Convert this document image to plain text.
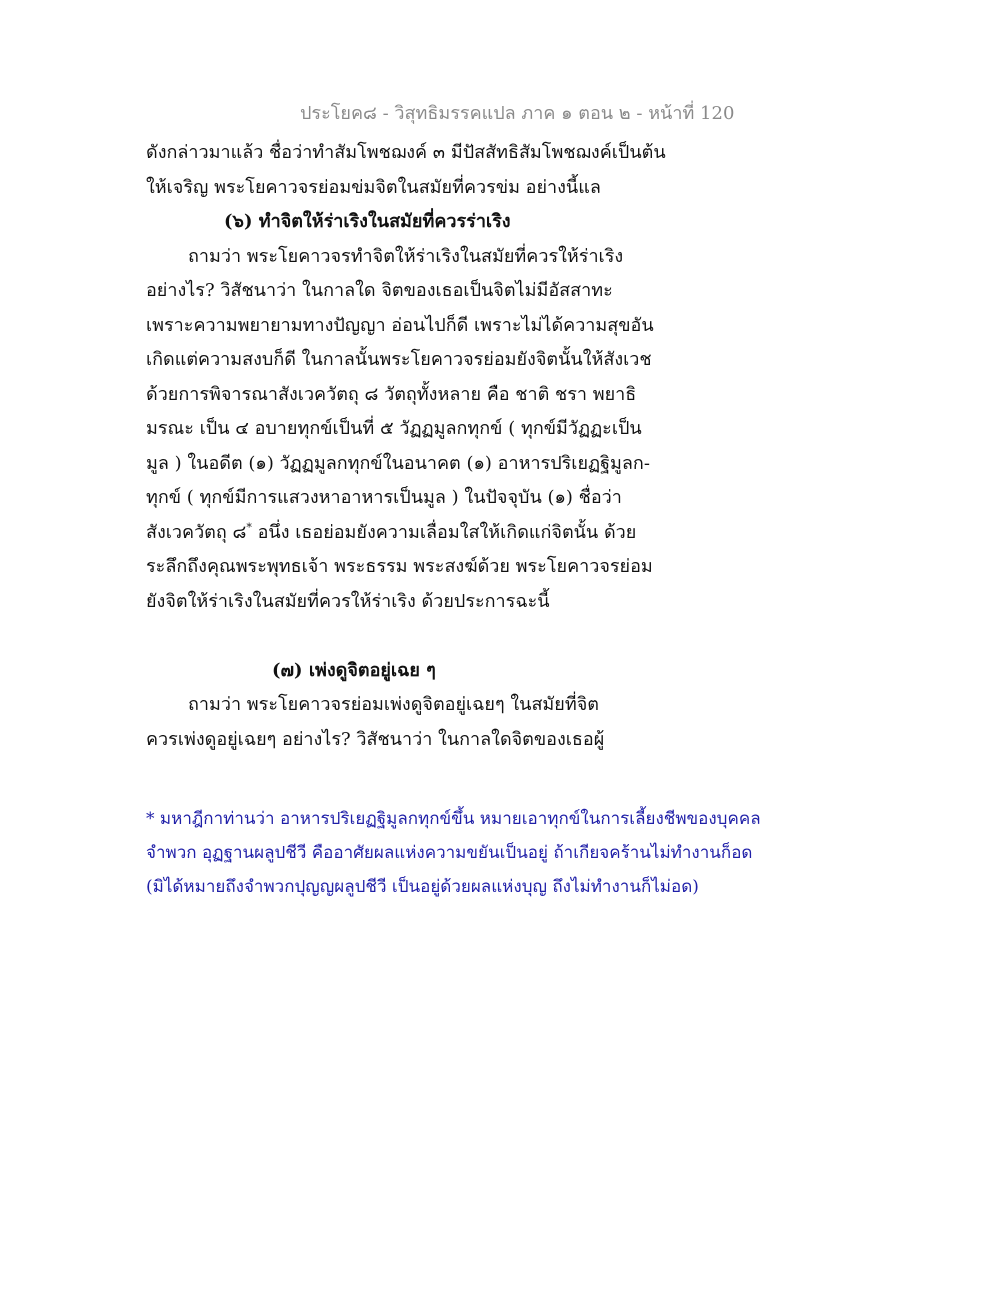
ประโยค๘ - วิสุทธิมรรคแปล ภาค ๑ ตอน ๒ - หน้าที่ 120
ดังกล่าวมาแล้ว ชื่อว่าทำสัมโพชฌงค์ ๓ มีปัสสัทธิสัมโพชฌงค์เป็นต้น
ให้เจริญ พระโยคาวจรย่อมข่มจิตในสมัยที่ควรข่ม อย่างนี้แล
(๖) ทำจิตให้ร่าเริงในสมัยที่ควรร่าเริง
ถามว่า พระโยคาวจรทำจิตให้ร่าเริงในสมัยที่ควรให้ร่าเริง
อย่างไร? วิสัชนาว่า ในกาลใด จิตของเธอเป็นจิตไม่มีอัสสาทะ
เพราะความพยายามทางปัญญา อ่อนไปก็ดี เพราะไม่ได้ความสุขอัน
เกิดแต่ความสงบก็ดี ในกาลนั้นพระโยคาวจรย่อมยังจิตนั้นให้สังเวช
ด้วยการพิจารณาสังเวควัตถุ ๘ วัตถุทั้งหลาย คือ ชาติ ชรา พยาธิ
มรณะ เป็น ๔ อบายทุกข์เป็นที่ ๕ วัฏฏมูลกทุกข์ ( ทุกข์มีวัฏฏะเป็น
มูล ) ในอดีต (๑) วัฏฏมูลกทุกข์ในอนาคต (๑) อาหารปริเยฏฐิมูลก-
ทุกข์ ( ทุกข์มีการแสวงหาอาหารเป็นมูล ) ในปัจจุบัน (๑) ชื่อว่า
สังเวควัตถุ ๘* อนึ่ง เธอย่อมยังความเลื่อมใสให้เกิดแก่จิตนั้น ด้วย
ระลึกถึงคุณพระพุทธเจ้า พระธรรม พระสงฆ์ด้วย พระโยคาวจรย่อม
ยังจิตให้ร่าเริงในสมัยที่ควรให้ร่าเริง ด้วยประการฉะนี้
(๗) เพ่งดูจิตอยู่เฉย ๆ
ถามว่า พระโยคาวจรย่อมเพ่งดูจิตอยู่เฉยๆ ในสมัยที่จิต
ควรเพ่งดูอยู่เฉยๆ อย่างไร? วิสัชนาว่า ในกาลใดจิตของเธอผู้
* มหาฎีกาท่านว่า อาหารปริเยฏฐิมูลกทุกข์ขึ้น หมายเอาทุกข์ในการเลี้ยงชีพของบุคคล
จำพวก อุฏฐานผลูปชีวี คืออาศัยผลแห่งความขยันเป็นอยู่ ถ้าเกียจคร้านไม่ทำงานก็อด
(มิได้หมายถึงจำพวกปุญญผลูปชีวี เป็นอยู่ด้วยผลแห่งบุญ ถึงไม่ทำงานก็ไม่อด)
